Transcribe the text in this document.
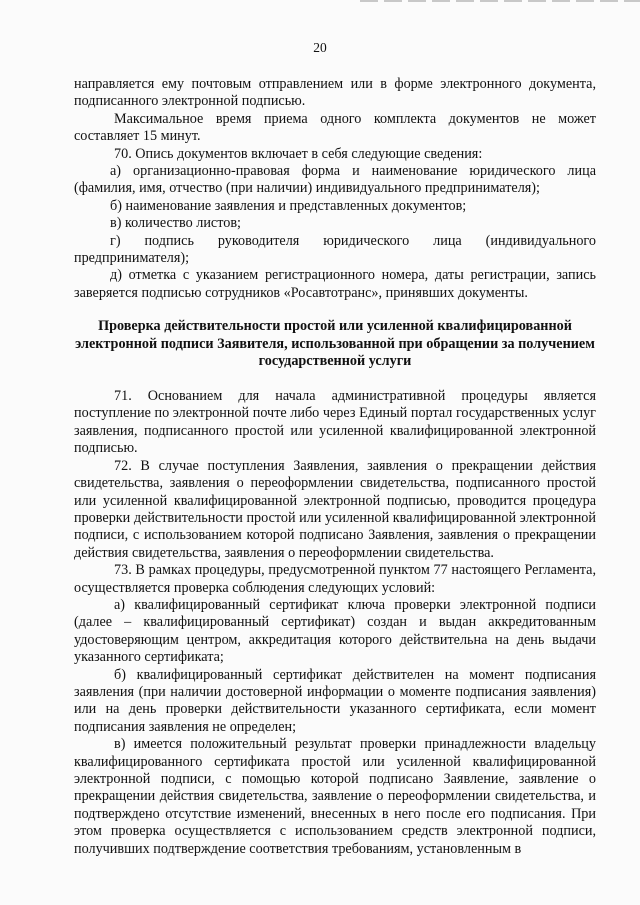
20

направляется ему почтовым отправлением или в форме электронного документа, подписанного электронной подписью.

Максимальное время приема одного комплекта документов не может составляет 15 минут.

70. Опись документов включает в себя следующие сведения:

а) организационно-правовая форма и наименование юридического лица (фамилия, имя, отчество (при наличии) индивидуального предпринимателя);

б) наименование заявления и представленных документов;

в) количество листов;

г) подпись руководителя юридического лица (индивидуального предпринимателя);

д) отметка с указанием регистрационного номера, даты регистрации, запись заверяется подписью сотрудников «Росавтотранс», принявших документы.

Проверка действительности простой или усиленной квалифицированной электронной подписи Заявителя, использованной при обращении за получением государственной услуги

71. Основанием для начала административной процедуры является поступление по электронной почте либо через Единый портал государственных услуг заявления, подписанного простой или усиленной квалифицированной электронной подписью.

72. В случае поступления Заявления, заявления о прекращении действия свидетельства, заявления о переоформлении свидетельства, подписанного простой или усиленной квалифицированной электронной подписью, проводится процедура проверки действительности простой или усиленной квалифицированной электронной подписи, с использованием которой подписано Заявления, заявления о прекращении действия свидетельства, заявления о переоформлении свидетельства.

73. В рамках процедуры, предусмотренной пунктом 77 настоящего Регламента, осуществляется проверка соблюдения следующих условий:

а) квалифицированный сертификат ключа проверки электронной подписи (далее – квалифицированный сертификат) создан и выдан аккредитованным удостоверяющим центром, аккредитация которого действительна на день выдачи указанного сертификата;

б) квалифицированный сертификат действителен на момент подписания заявления (при наличии достоверной информации о моменте подписания заявления) или на день проверки действительности указанного сертификата, если момент подписания заявления не определен;

в) имеется положительный результат проверки принадлежности владельцу квалифицированного сертификата простой или усиленной квалифицированной электронной подписи, с помощью которой подписано Заявление, заявление о прекращении действия свидетельства, заявление о переоформлении свидетельства, и подтверждено отсутствие изменений, внесенных в него после его подписания. При этом проверка осуществляется с использованием средств электронной подписи, получивших подтверждение соответствия требованиям, установленным в
